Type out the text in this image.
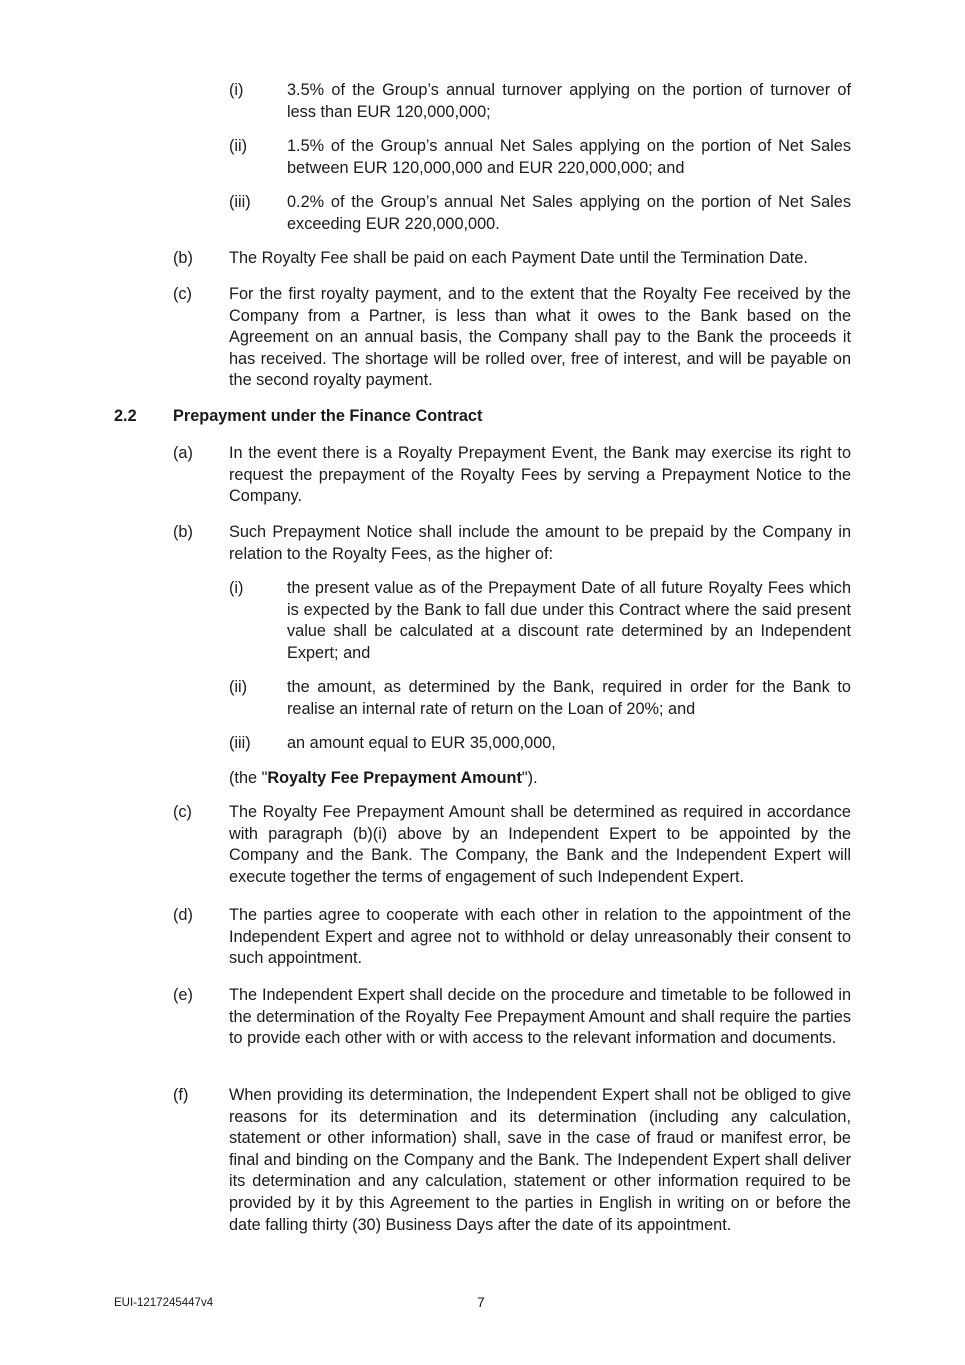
(i)	3.5% of the Group’s annual turnover applying on the portion of turnover of less than EUR 120,000,000;
(ii) 1.5% of the Group’s annual Net Sales applying on the portion of Net Sales between EUR 120,000,000 and EUR 220,000,000; and
(iii) 0.2% of the Group’s annual Net Sales applying on the portion of Net Sales exceeding EUR 220,000,000.
(b) The Royalty Fee shall be paid on each Payment Date until the Termination Date.
(c) For the first royalty payment, and to the extent that the Royalty Fee received by the Company from a Partner, is less than what it owes to the Bank based on the Agreement on an annual basis, the Company shall pay to the Bank the proceeds it has received. The shortage will be rolled over, free of interest, and will be payable on the second royalty payment.
2.2 Prepayment under the Finance Contract
(a) In the event there is a Royalty Prepayment Event, the Bank may exercise its right to request the prepayment of the Royalty Fees by serving a Prepayment Notice to the Company.
(b) Such Prepayment Notice shall include the amount to be prepaid by the Company in relation to the Royalty Fees, as the higher of:
(i)	the present value as of the Prepayment Date of all future Royalty Fees which is expected by the Bank to fall due under this Contract where the said present value shall be calculated at a discount rate determined by an Independent Expert; and
(ii) the amount, as determined by the Bank, required in order for the Bank to realise an internal rate of return on the Loan of 20%; and
(iii) an amount equal to EUR 35,000,000,
(the "Royalty Fee Prepayment Amount").
(c) The Royalty Fee Prepayment Amount shall be determined as required in accordance with paragraph (b)(i) above by an Independent Expert to be appointed by the Company and the Bank. The Company, the Bank and the Independent Expert will execute together the terms of engagement of such Independent Expert.
(d) The parties agree to cooperate with each other in relation to the appointment of the Independent Expert and agree not to withhold or delay unreasonably their consent to such appointment.
(e) The Independent Expert shall decide on the procedure and timetable to be followed in the determination of the Royalty Fee Prepayment Amount and shall require the parties to provide each other with or with access to the relevant information and documents.
(f) When providing its determination, the Independent Expert shall not be obliged to give reasons for its determination and its determination (including any calculation, statement or other information) shall, save in the case of fraud or manifest error, be final and binding on the Company and the Bank. The Independent Expert shall deliver its determination and any calculation, statement or other information required to be provided by it by this Agreement to the parties in English in writing on or before the date falling thirty (30) Business Days after the date of its appointment.
EUI-1217245447v4	7
